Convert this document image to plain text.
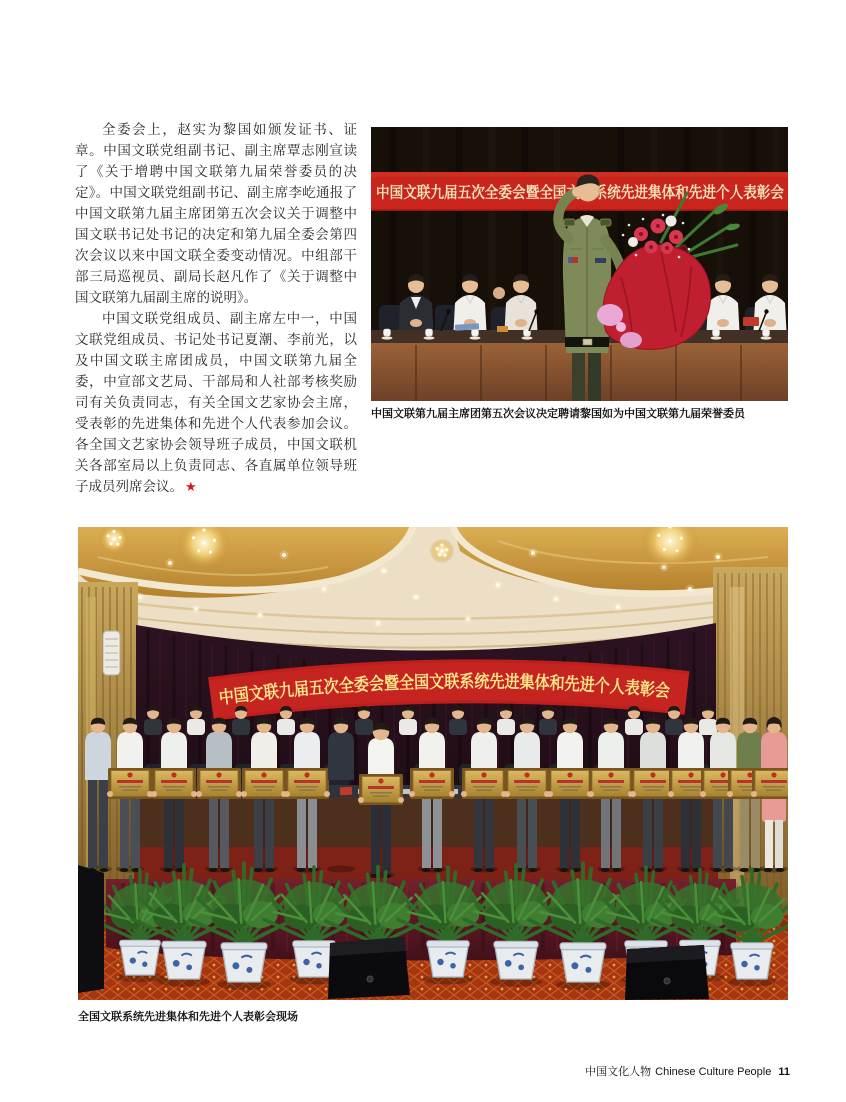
全委会上，赵实为黎国如颁发证书、证章。中国文联党组副书记、副主席覃志刚宣读了《关于增聘中国文联第九届荣誉委员的决定》。中国文联党组副书记、副主席李屹通报了中国文联第九届主席团第五次会议关于调整中国文联书记处书记的决定和第九届全委会第四次会议以来中国文联全委变动情况。中组部干部三局巡视员、副局长赵凡作了《关于调整中国文联第九届副主席的说明》。

中国文联党组成员、副主席左中一，中国文联党组成员、书记处书记夏潮、李前光，以及中国文联主席团成员，中国文联第九届全委，中宣部文艺局、干部局和人社部考核奖励司有关负责同志，有关全国文艺家协会主席，受表彰的先进集体和先进个人代表参加会议。各全国文艺家协会领导班子成员，中国文联机关各部室局以上负责同志、各直属单位领导班子成员列席会议。 ★

中国文联九届五次全委会暨全国文联系统先进集体和先进个人表彰会
中国文联第九届主席团第五次会议决定聘请黎国如为中国文联第九届荣誉委员
中国文联九届五次全委会暨全国文联系统先进集体和先进个人表彰会
全国文联系统先进集体和先进个人表彰会现场
中国文化人物 Chinese Culture People 11
